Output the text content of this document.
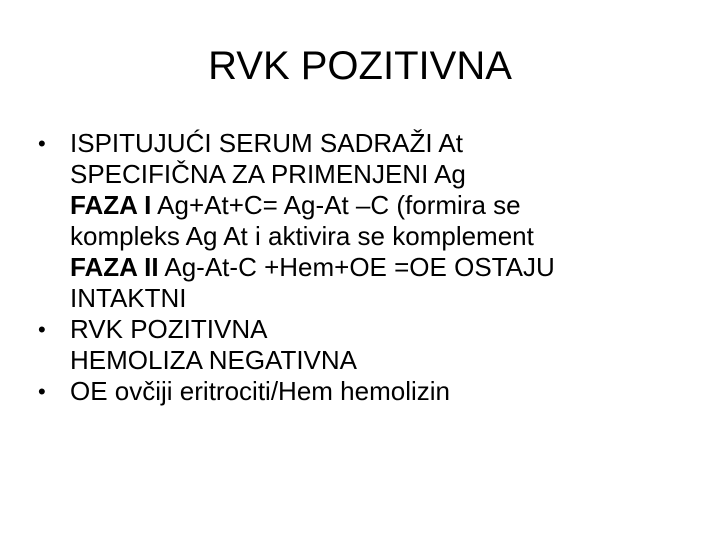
RVK POZITIVNA
• ISPITUJUĆI SERUM SADRAŽI At
SPECIFIČNA ZA PRIMENJENI Ag
FAZA I Ag+At+C= Ag-At –C (formira se
kompleks Ag At i aktivira se komplement
FAZA II Ag-At-C +Hem+OE =OE OSTAJU
INTAKTNI
• RVK POZITIVNA
HEMOLIZA NEGATIVNA
• OE ovčiji eritrociti/Hem hemolizin
